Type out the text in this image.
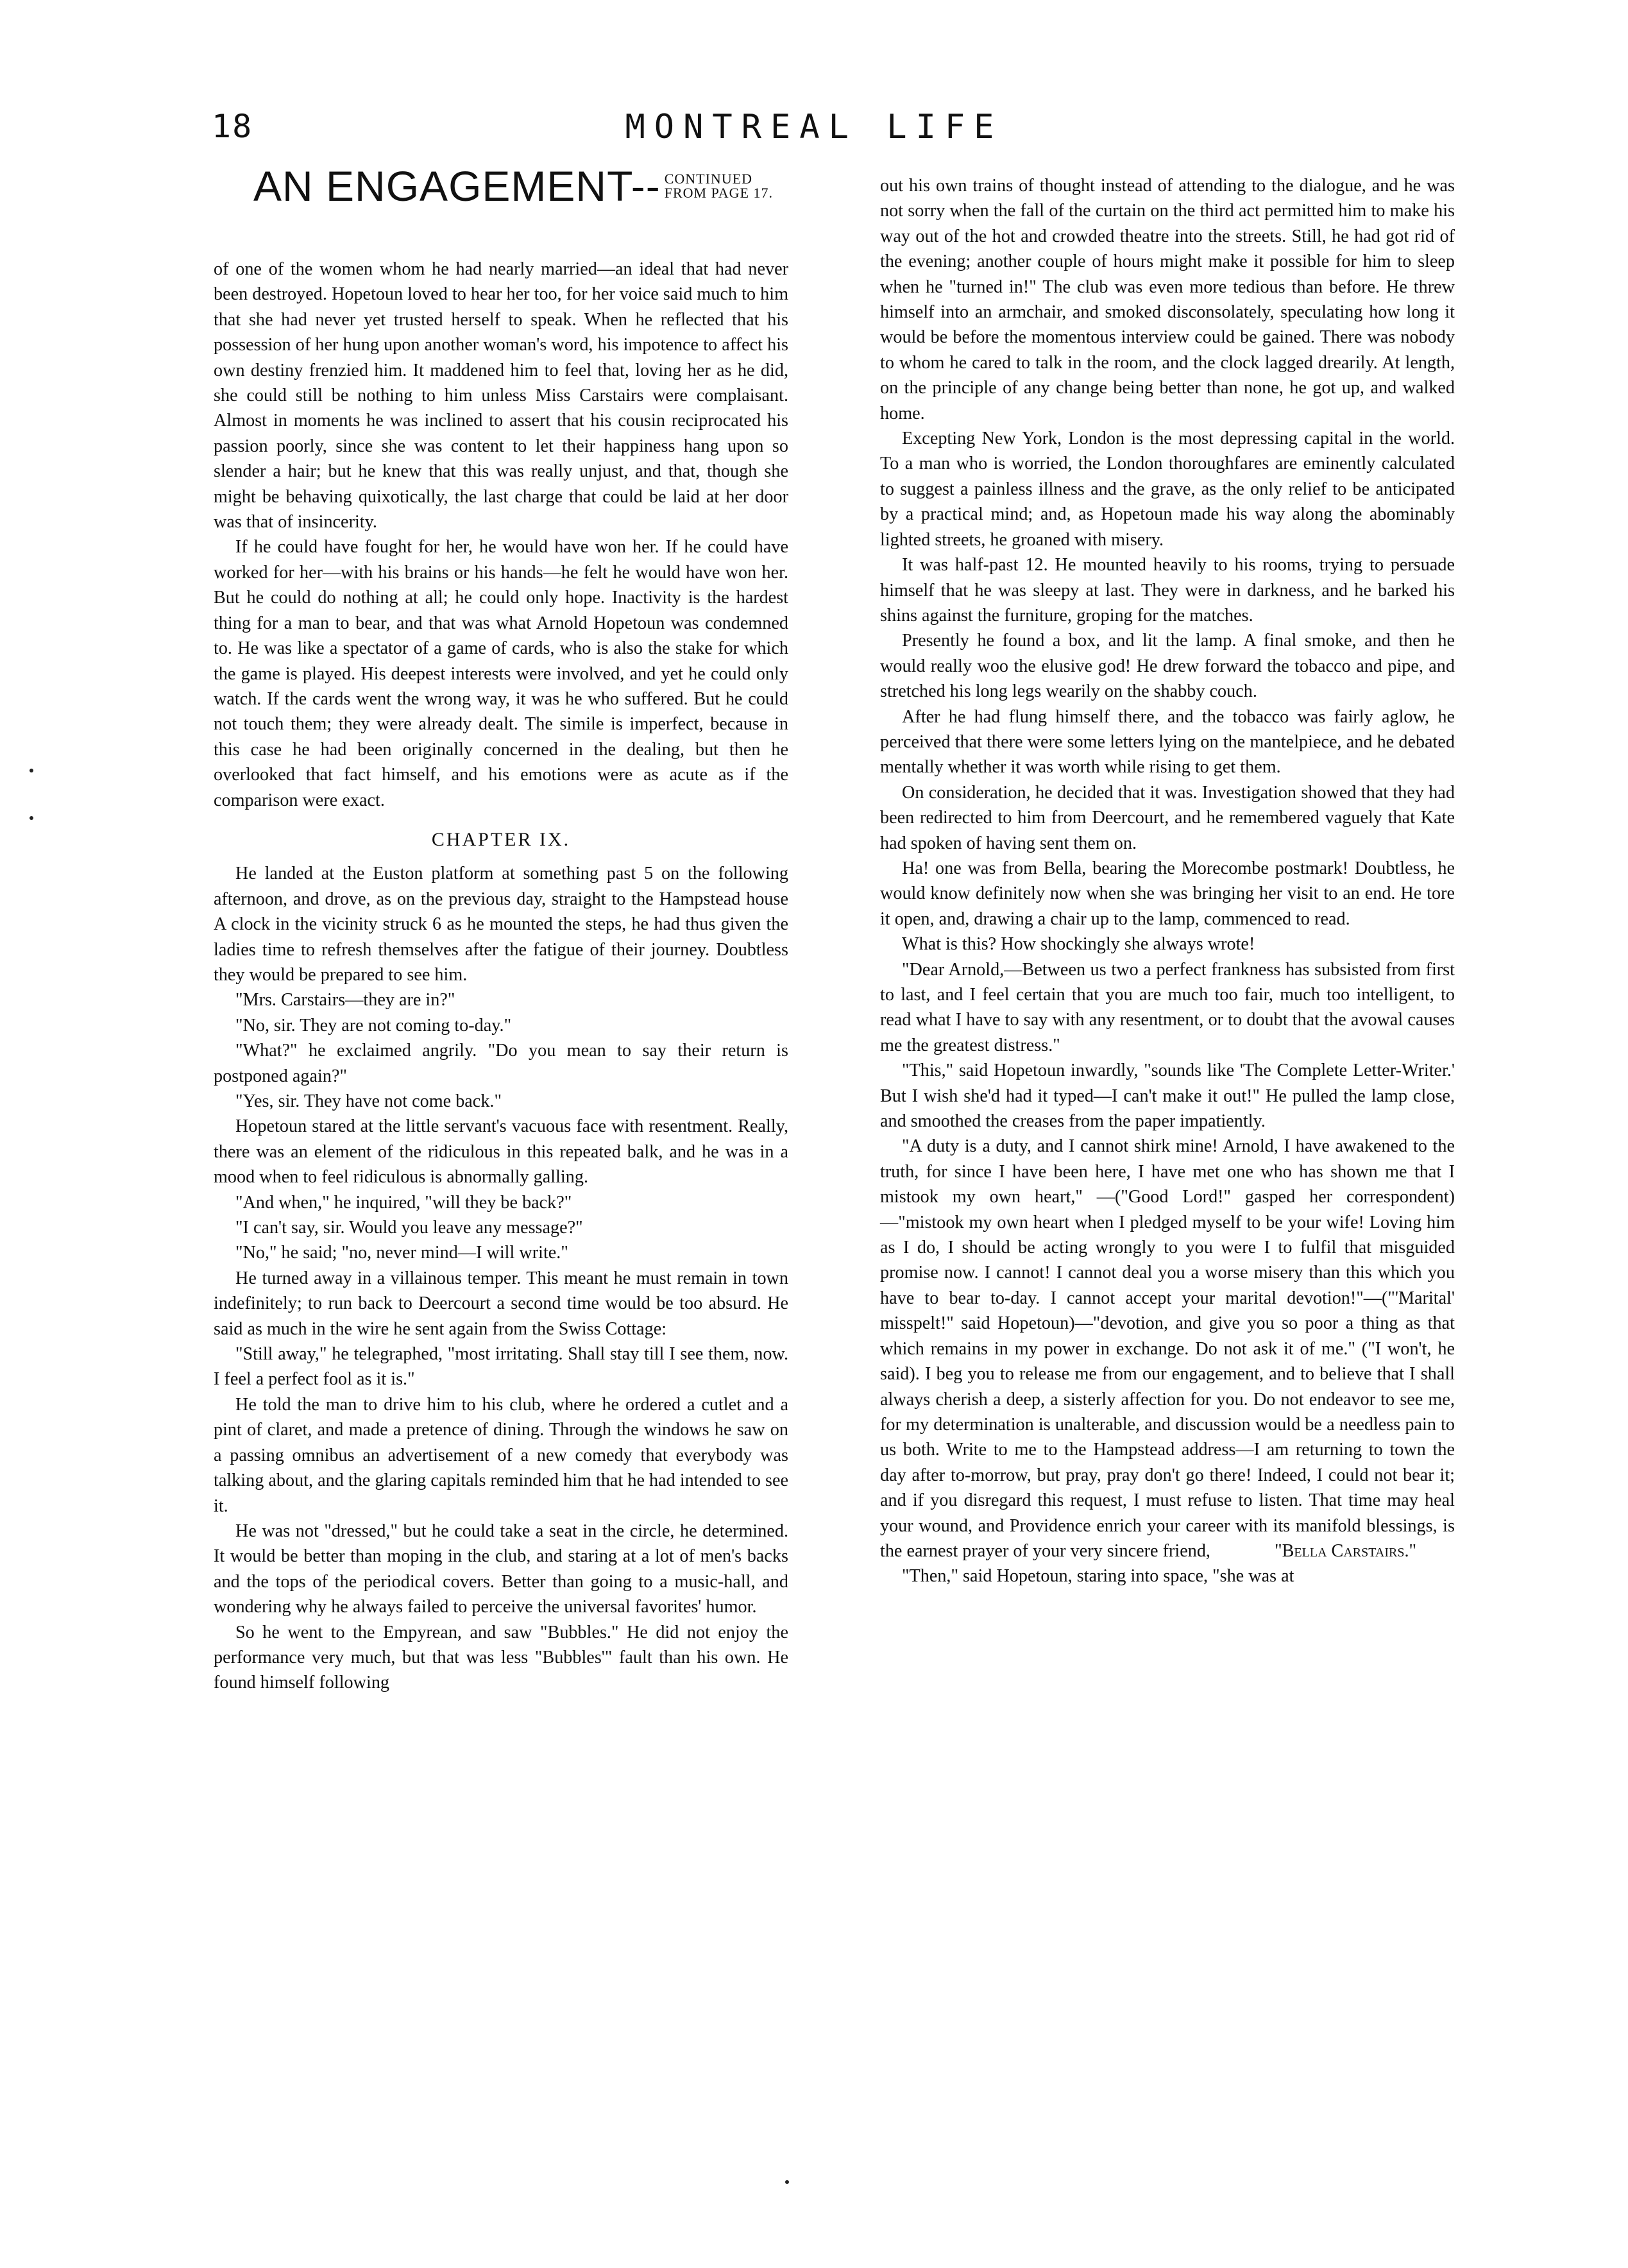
18	MONTREAL LIFE
AN ENGAGEMENT-- CONTINUED
FROM PAGE 17.

of one of the women whom he had nearly married—an ideal that had never been destroyed. Hopetoun loved to hear her too, for her voice said much to him that she had never yet trusted herself to speak. When he reflected that his possession of her hung upon another woman's word, his impotence to affect his own destiny frenzied him. It maddened him to feel that, loving her as he did, she could still be nothing to him unless Miss Carstairs were complaisant. Almost in moments he was inclined to assert that his cousin reciprocated his passion poorly, since she was content to let their happiness hang upon so slender a hair; but he knew that this was really unjust, and that, though she might be behaving quixotically, the last charge that could be laid at her door was that of insincerity.

If he could have fought for her, he would have won her. If he could have worked for her—with his brains or his hands—he felt he would have won her. But he could do nothing at all; he could only hope. Inactivity is the hardest thing for a man to bear, and that was what Arnold Hopetoun was condemned to. He was like a spectator of a game of cards, who is also the stake for which the game is played. His deepest interests were involved, and yet he could only watch. If the cards went the wrong way, it was he who suffered. But he could not touch them; they were already dealt. The simile is imperfect, because in this case he had been originally concerned in the dealing, but then he overlooked that fact himself, and his emotions were as acute as if the comparison were exact.

CHAPTER IX.

He landed at the Euston platform at something past 5 on the following afternoon, and drove, as on the previous day, straight to the Hampstead house A clock in the vicinity struck 6 as he mounted the steps, he had thus given the ladies time to refresh themselves after the fatigue of their journey. Doubtless they would be prepared to see him.

"Mrs. Carstairs—they are in?"

"No, sir. They are not coming to-day."

"What?" he exclaimed angrily. "Do you mean to say their return is postponed again?"

"Yes, sir. They have not come back."

Hopetoun stared at the little servant's vacuous face with resentment. Really, there was an element of the ridiculous in this repeated balk, and he was in a mood when to feel ridiculous is abnormally galling.

"And when," he inquired, "will they be back?"

"I can't say, sir. Would you leave any message?"

"No," he said; "no, never mind—I will write."

He turned away in a villainous temper. This meant he must remain in town indefinitely; to run back to Deercourt a second time would be too absurd. He said as much in the wire he sent again from the Swiss Cottage:

"Still away," he telegraphed, "most irritating. Shall stay till I see them, now. I feel a perfect fool as it is."

He told the man to drive him to his club, where he ordered a cutlet and a pint of claret, and made a pretence of dining. Through the windows he saw on a passing omnibus an advertisement of a new comedy that everybody was talking about, and the glaring capitals reminded him that he had intended to see it.

He was not "dressed," but he could take a seat in the circle, he determined. It would be better than moping in the club, and staring at a lot of men's backs and the tops of the periodical covers. Better than going to a music-hall, and wondering why he always failed to perceive the universal favorites' humor.

So he went to the Empyrean, and saw "Bubbles." He did not enjoy the performance very much, but that was less "Bubbles'" fault than his own. He found himself following

out his own trains of thought instead of attending to the dialogue, and he was not sorry when the fall of the curtain on the third act permitted him to make his way out of the hot and crowded theatre into the streets. Still, he had got rid of the evening; another couple of hours might make it possible for him to sleep when he "turned in!" The club was even more tedious than before. He threw himself into an armchair, and smoked disconsolately, speculating how long it would be before the momentous interview could be gained. There was nobody to whom he cared to talk in the room, and the clock lagged drearily. At length, on the principle of any change being better than none, he got up, and walked home.

Excepting New York, London is the most depressing capital in the world. To a man who is worried, the London thoroughfares are eminently calculated to suggest a painless illness and the grave, as the only relief to be anticipated by a practical mind; and, as Hopetoun made his way along the abominably lighted streets, he groaned with misery.

It was half-past 12. He mounted heavily to his rooms, trying to persuade himself that he was sleepy at last. They were in darkness, and he barked his shins against the furniture, groping for the matches.

Presently he found a box, and lit the lamp. A final smoke, and then he would really woo the elusive god! He drew forward the tobacco and pipe, and stretched his long legs wearily on the shabby couch.

After he had flung himself there, and the tobacco was fairly aglow, he perceived that there were some letters lying on the mantelpiece, and he debated mentally whether it was worth while rising to get them.

On consideration, he decided that it was. Investigation showed that they had been redirected to him from Deercourt, and he remembered vaguely that Kate had spoken of having sent them on.

Ha! one was from Bella, bearing the Morecombe postmark! Doubtless, he would know definitely now when she was bringing her visit to an end. He tore it open, and, drawing a chair up to the lamp, commenced to read.

What is this? How shockingly she always wrote!

"Dear Arnold,—Between us two a perfect frankness has subsisted from first to last, and I feel certain that you are much too fair, much too intelligent, to read what I have to say with any resentment, or to doubt that the avowal causes me the greatest distress."

"This," said Hopetoun inwardly, "sounds like 'The Complete Letter-Writer.' But I wish she'd had it typed—I can't make it out!" He pulled the lamp close, and smoothed the creases from the paper impatiently.

"A duty is a duty, and I cannot shirk mine! Arnold, I have awakened to the truth, for since I have been here, I have met one who has shown me that I mistook my own heart," —("Good Lord!" gasped her correspondent)—"mistook my own heart when I pledged myself to be your wife! Loving him as I do, I should be acting wrongly to you were I to fulfil that misguided promise now. I cannot! I cannot deal you a worse misery than this which you have to bear to-day. I cannot accept your marital devotion!"—("'Marital' misspelt!" said Hopetoun)—"devotion, and give you so poor a thing as that which remains in my power in exchange. Do not ask it of me." ("I won't, he said). I beg you to release me from our engagement, and to believe that I shall always cherish a deep, a sisterly affection for you. Do not endeavor to see me, for my determination is unalterable, and discussion would be a needless pain to us both. Write to me to the Hampstead address—I am returning to town the day after to-morrow, but pray, pray don't go there! Indeed, I could not bear it; and if you disregard this request, I must refuse to listen. That time may heal your wound, and Providence enrich your career with its manifold blessings, is the earnest prayer of your very sincere friend,	"Bella Carstairs."

"Then," said Hopetoun, staring into space, "she was at
